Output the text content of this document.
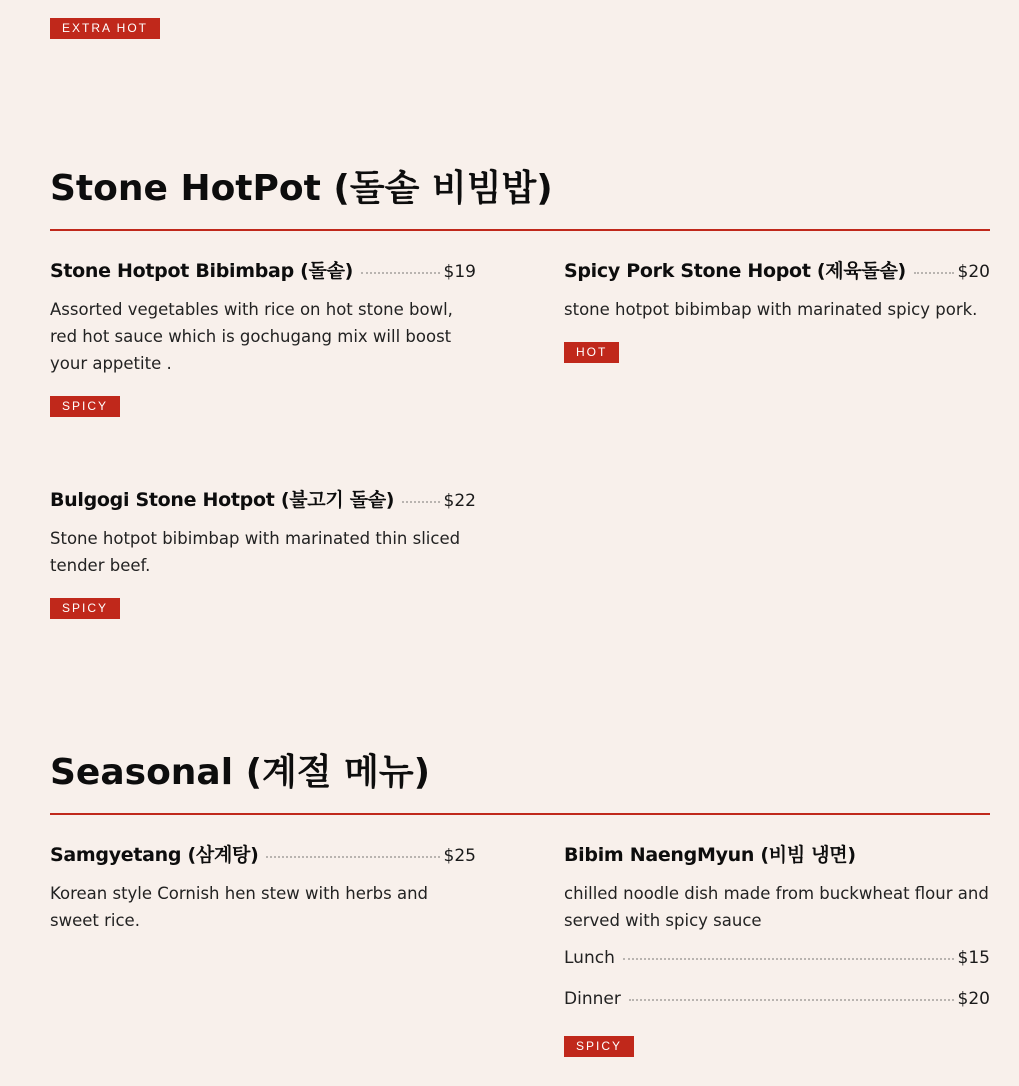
EXTRA HOT
Stone HotPot (돌솥 비빔밥)
Stone Hotpot Bibimbap (돌솥)	$19

Assorted vegetables with rice on hot stone bowl, red hot sauce which is gochugang mix will boost your appetite .

SPICY
Spicy Pork Stone Hopot (제육돌솥)	$20

stone hotpot bibimbap with marinated spicy pork.

HOT
Bulgogi Stone Hotpot (불고기 돌솥)	$22

Stone hotpot bibimbap with marinated thin sliced tender beef.

SPICY
Seasonal (계절 메뉴)
Samgyetang (삼계탕)	$25

Korean style Cornish hen stew with herbs and sweet rice.

Bibim NaengMyun (비빔 냉면)

chilled noodle dish made from buckwheat flour and served with spicy sauce

Lunch	$15
Dinner	$20
SPICY
